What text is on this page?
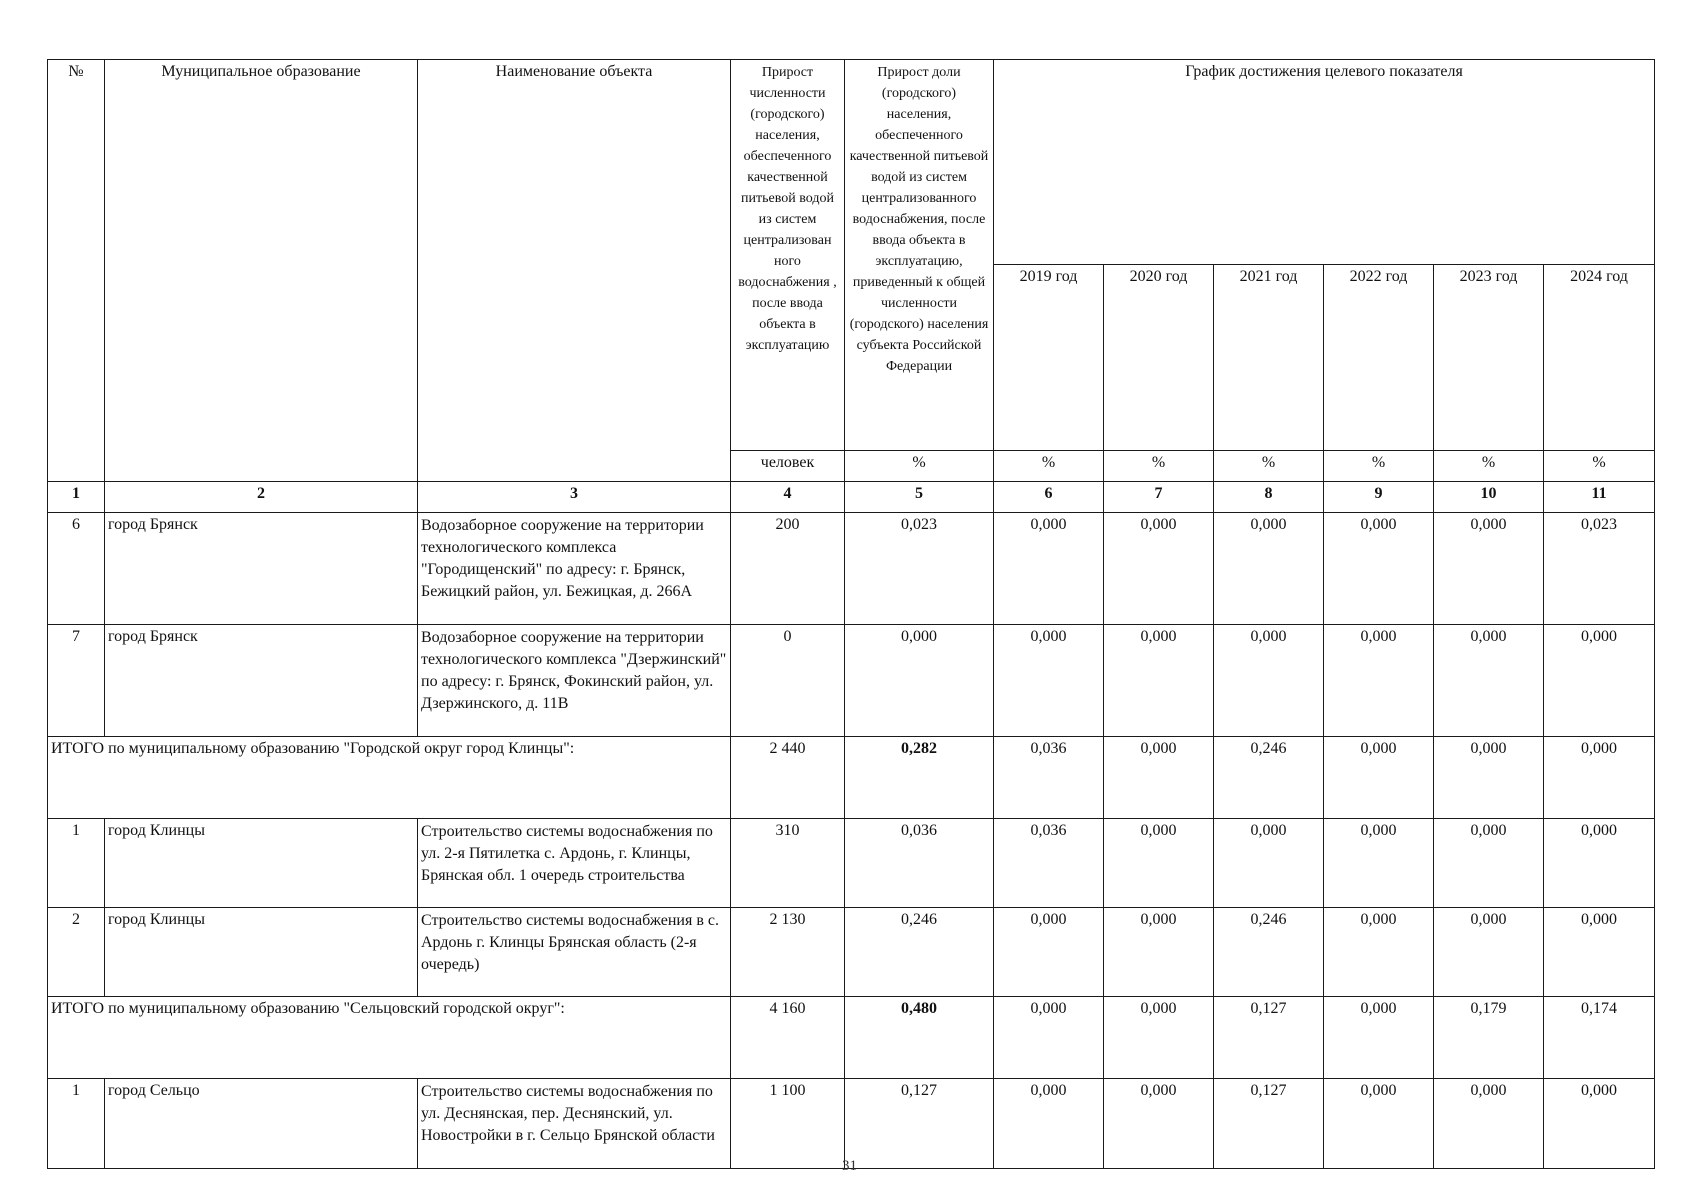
№	Муниципальное образование	Наименование объекта	Прирост численности (городского) населения, обеспеченного качественной питьевой водой из систем централизован ного водоснабжения , после ввода объекта в эксплуатацию	Прирост доли (городского) населения, обеспеченного качественной питьевой водой из систем централизованного водоснабжения, после ввода объекта в эксплуатацию, приведенный к общей численности (городского) населения субъекта Российской Федерации	График достижения целевого показателя					
					2019 год	2020 год	2021 год	2022 год	2023 год	2024 год
			человек	%	%	%	%	%	%	%
1	2	3	4	5	6	7	8	9	10	11
6	город Брянск	Водозаборное сооружение на территории технологического комплекса "Городищенский" по адресу: г. Брянск, Бежицкий район, ул. Бежицкая, д. 266А	200	0,023	0,000	0,000	0,000	0,000	0,000	0,023
7	город Брянск	Водозаборное сооружение на территории технологического комплекса "Дзержинский" по адресу: г. Брянск, Фокинский район, ул. Дзержинского, д. 11В	0	0,000	0,000	0,000	0,000	0,000	0,000	0,000
ИТОГО по муниципальному образованию "Городской округ город Клинцы":			2 440	0,282	0,036	0,000	0,246	0,000	0,000	0,000
1	город Клинцы	Строительство системы водоснабжения по ул. 2-я Пятилетка с. Ардонь, г. Клинцы, Брянская обл. 1 очередь строительства	310	0,036	0,036	0,000	0,000	0,000	0,000	0,000
2	город Клинцы	Строительство системы водоснабжения в с. Ардонь г. Клинцы Брянская область (2-я очередь)	2 130	0,246	0,000	0,000	0,246	0,000	0,000	0,000
ИТОГО по муниципальному образованию "Сельцовский городской округ":			4 160	0,480	0,000	0,000	0,127	0,000	0,179	0,174
1	город Сельцо	Строительство системы водоснабжения по ул. Деснянская, пер. Деснянский, ул. Новостройки в г. Сельцо Брянской области	1 100	0,127	0,000	0,000	0,127	0,000	0,000	0,000
31
